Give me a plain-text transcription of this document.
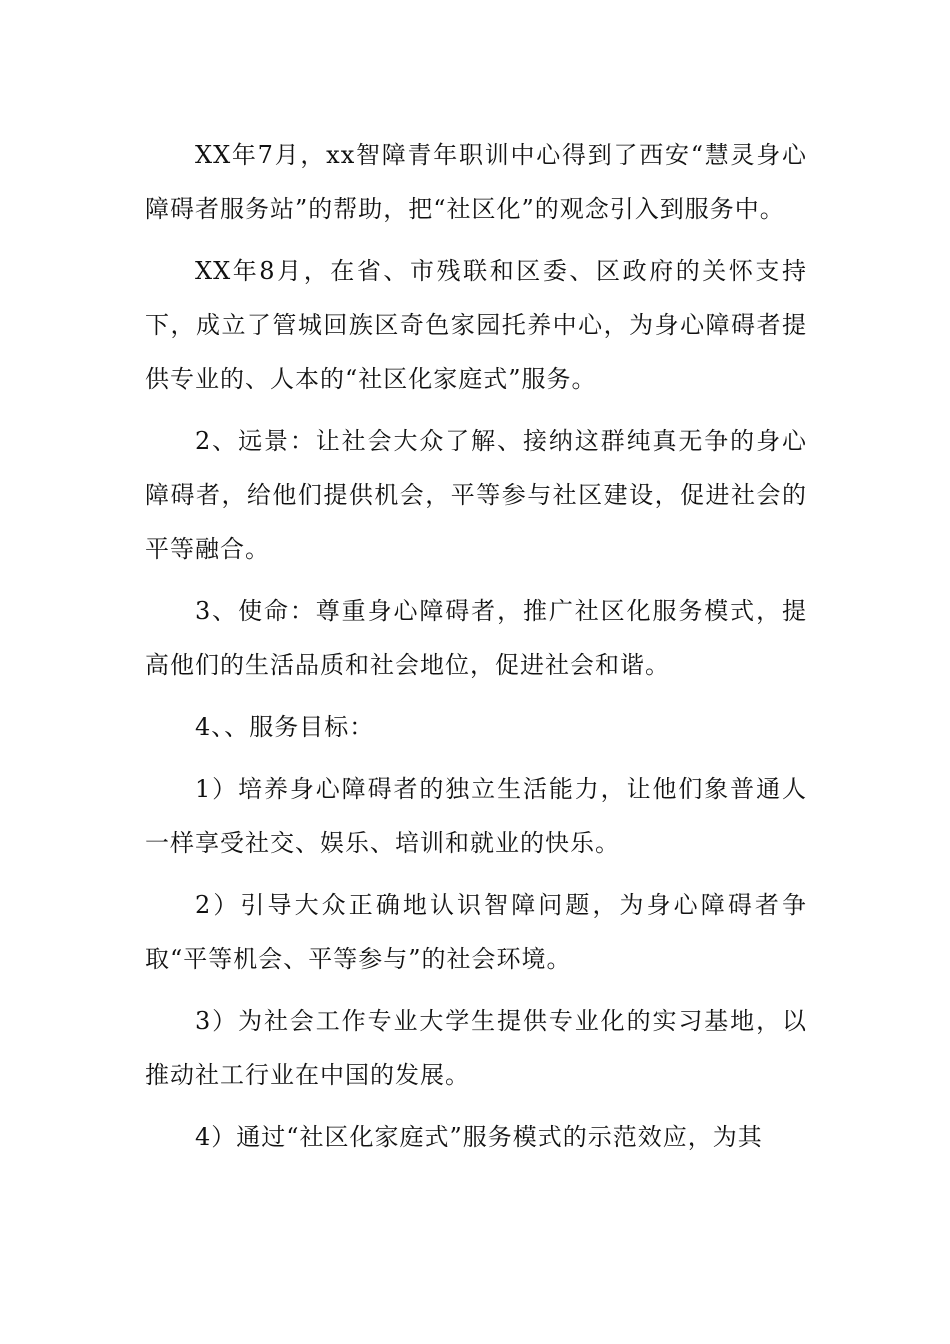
XX年7月，xx智障青年职训中心得到了西安“慧灵身心障碍者服务站”的帮助，把“社区化”的观念引入到服务中。

XX年8月，在省、市残联和区委、区政府的关怀支持下，成立了管城回族区奇色家园托养中心，为身心障碍者提供专业的、人本的“社区化家庭式”服务。

2、远景：让社会大众了解、接纳这群纯真无争的身心障碍者，给他们提供机会，平等参与社区建设，促进社会的平等融合。

3、使命：尊重身心障碍者，推广社区化服务模式，提高他们的生活品质和社会地位，促进社会和谐。

4、、服务目标：

1）培养身心障碍者的独立生活能力，让他们象普通人一样享受社交、娱乐、培训和就业的快乐。

2）引导大众正确地认识智障问题，为身心障碍者争取“平等机会、平等参与”的社会环境。

3）为社会工作专业大学生提供专业化的实习基地，以推动社工行业在中国的发展。

4）通过“社区化家庭式”服务模式的示范效应，为其
